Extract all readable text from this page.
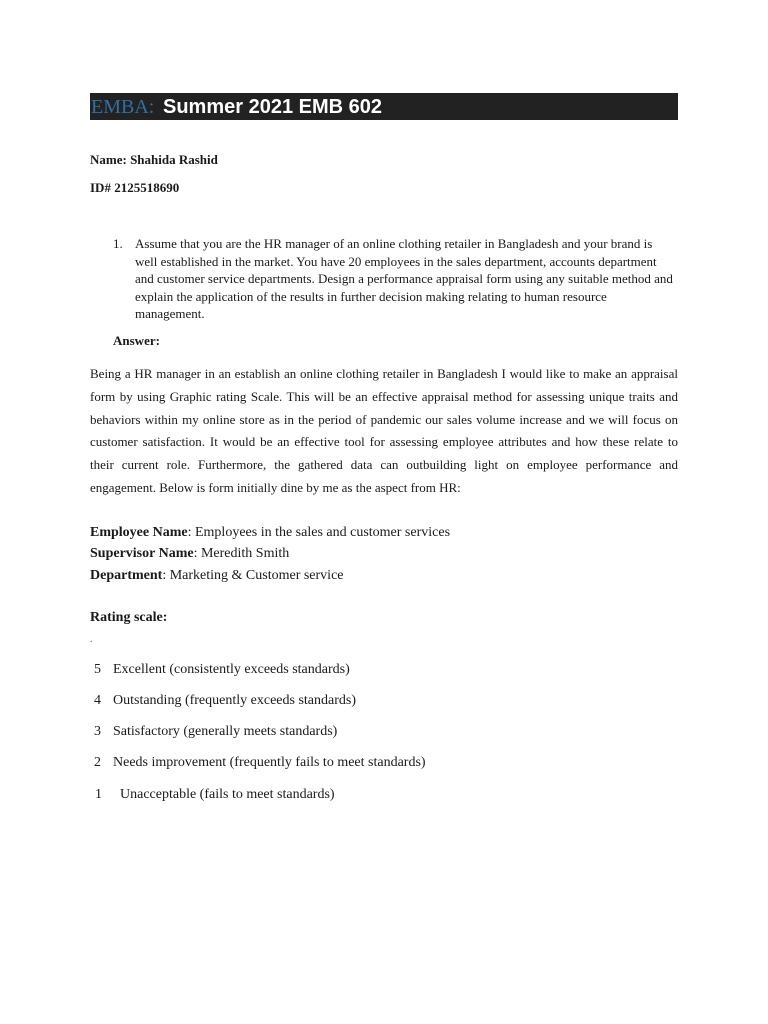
EMBA: Summer 2021 EMB 602
Name: Shahida Rashid
ID# 2125518690
1. Assume that you are the HR manager of an online clothing retailer in Bangladesh and your brand is well established in the market. You have 20 employees in the sales department, accounts department and customer service departments. Design a performance appraisal form using any suitable method and explain the application of the results in further decision making relating to human resource management.
Answer:
Being a HR manager in an establish an online clothing retailer in Bangladesh I would like to make an appraisal form by using Graphic rating Scale. This will be an effective appraisal method for assessing unique traits and behaviors within my online store as in the period of pandemic our sales volume increase and we will focus on customer satisfaction. It would be an effective tool for assessing employee attributes and how these relate to their current role. Furthermore, the gathered data can outbuilding light on employee performance and engagement. Below is form initially dine by me as the aspect from HR:
Employee Name: Employees in the sales and customer services
Supervisor Name: Meredith Smith
Department: Marketing & Customer service
Rating scale:
.
5 Excellent (consistently exceeds standards)
4 Outstanding (frequently exceeds standards)
3 Satisfactory (generally meets standards)
2 Needs improvement (frequently fails to meet standards)
1 Unacceptable (fails to meet standards)
